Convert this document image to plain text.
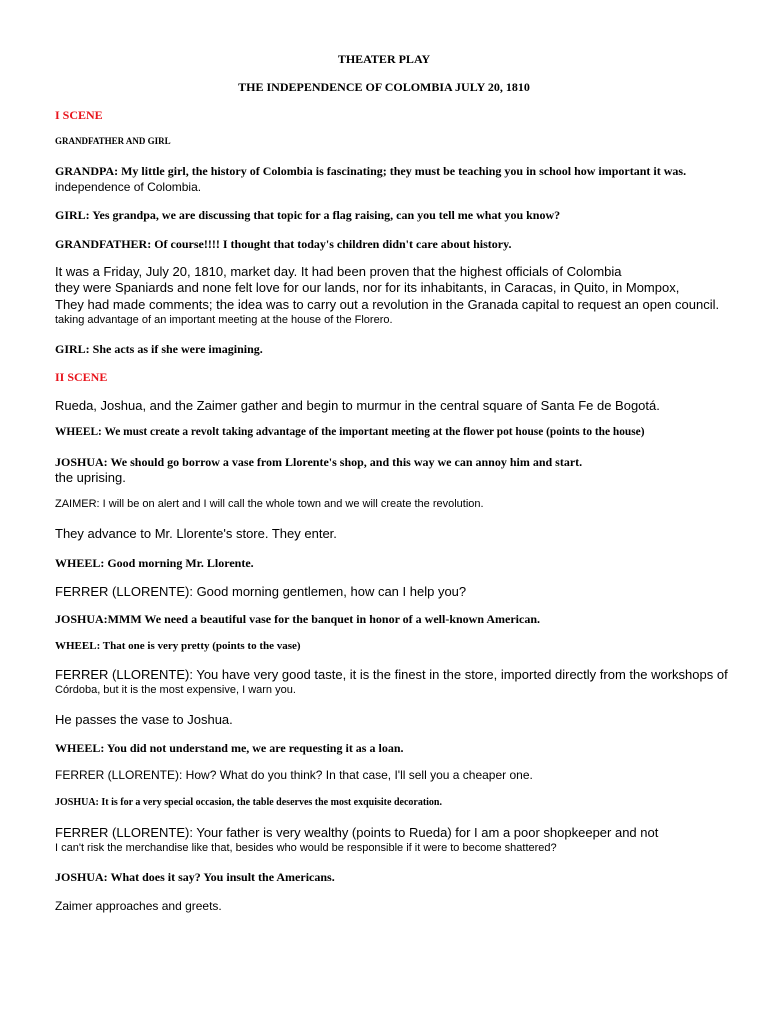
THEATER PLAY

THE INDEPENDENCE OF COLOMBIA JULY 20, 1810

I SCENE

GRANDFATHER AND GIRL

GRANDPA: My little girl, the history of Colombia is fascinating; they must be teaching you in school how important it was.

independence of Colombia.

GIRL: Yes grandpa, we are discussing that topic for a flag raising, can you tell me what you know?

GRANDFATHER: Of course!!!! I thought that today's children didn't care about history.

It was a Friday, July 20, 1810, market day. It had been proven that the highest officials of Colombia

they were Spaniards and none felt love for our lands, nor for its inhabitants, in Caracas, in Quito, in Mompox,

They had made comments; the idea was to carry out a revolution in the Granada capital to request an open council.

taking advantage of an important meeting at the house of the Florero.

GIRL: She acts as if she were imagining.

II SCENE

Rueda, Joshua, and the Zaimer gather and begin to murmur in the central square of Santa Fe de Bogotá.

WHEEL: We must create a revolt taking advantage of the important meeting at the flower pot house (points to the house)

JOSHUA: We should go borrow a vase from Llorente's shop, and this way we can annoy him and start.

the uprising.

ZAIMER: I will be on alert and I will call the whole town and we will create the revolution.

They advance to Mr. Llorente's store. They enter.

WHEEL: Good morning Mr. Llorente.

FERRER (LLORENTE): Good morning gentlemen, how can I help you?

JOSHUA:MMM We need a beautiful vase for the banquet in honor of a well-known American.

WHEEL: That one is very pretty (points to the vase)

FERRER (LLORENTE): You have very good taste, it is the finest in the store, imported directly from the workshops of

Córdoba, but it is the most expensive, I warn you.

He passes the vase to Joshua.

WHEEL: You did not understand me, we are requesting it as a loan.

FERRER (LLORENTE): How? What do you think? In that case, I'll sell you a cheaper one.

JOSHUA: It is for a very special occasion, the table deserves the most exquisite decoration.

FERRER (LLORENTE): Your father is very wealthy (points to Rueda) for I am a poor shopkeeper and not

I can't risk the merchandise like that, besides who would be responsible if it were to become shattered?

JOSHUA: What does it say? You insult the Americans.

Zaimer approaches and greets.
